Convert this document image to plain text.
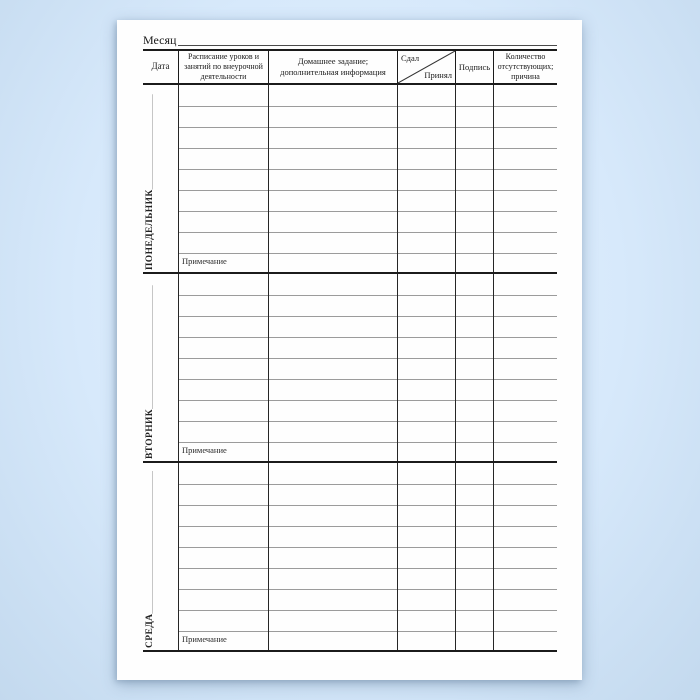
Месяц
Дата
Расписание уроков и занятий по внеурочной деятельности
Домашнее задание; дополнительная информация
Сдал
Принял
Подпись
Количество отсутствующих; причина
ПОНЕДЕЛЬНИК____________________
Примечание
ВТОРНИК__________________________
Примечание
СРЕДА______________________________
Примечание
